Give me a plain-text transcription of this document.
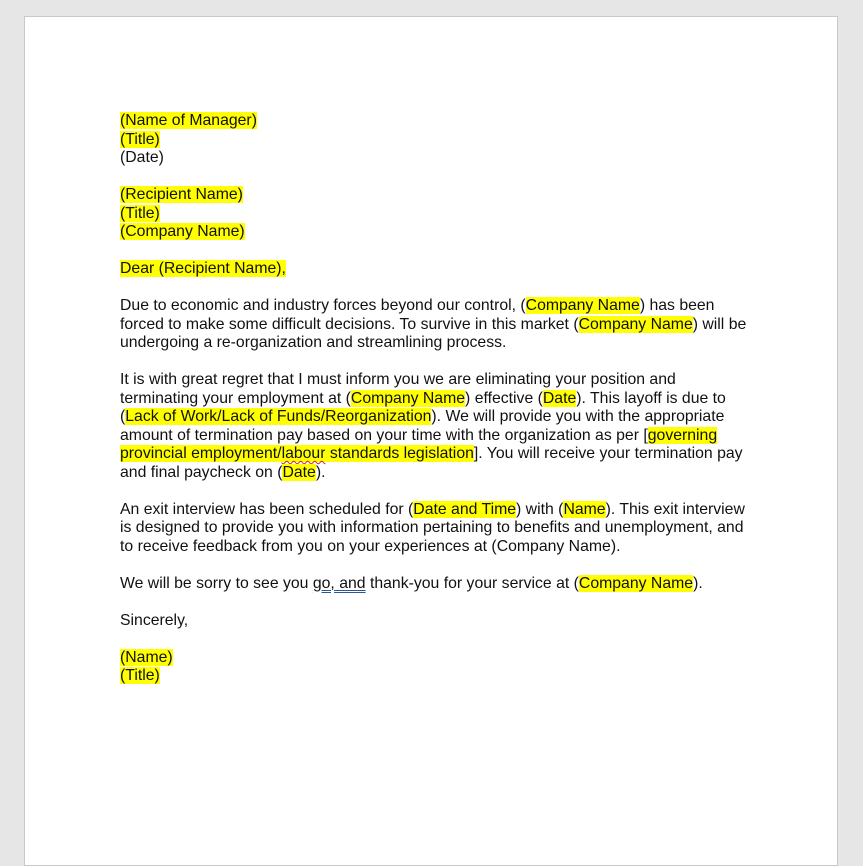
(Name of Manager)
(Title)
(Date)

(Recipient Name)
(Title)
(Company Name)

Dear (Recipient Name),

Due to economic and industry forces beyond our control, (Company Name) has been forced to make some difficult decisions. To survive in this market (Company Name) will be undergoing a re-organization and streamlining process.

It is with great regret that I must inform you we are eliminating your position and terminating your employment at (Company Name) effective (Date). This layoff is due to (Lack of Work/Lack of Funds/Reorganization). We will provide you with the appropriate amount of termination pay based on your time with the organization as per [governing provincial employment/labour standards legislation]. You will receive your termination pay and final paycheck on (Date).

An exit interview has been scheduled for (Date and Time) with (Name). This exit interview is designed to provide you with information pertaining to benefits and unemployment, and to receive feedback from you on your experiences at (Company Name).

We will be sorry to see you go, and thank-you for your service at (Company Name).

Sincerely,

(Name)
(Title)
